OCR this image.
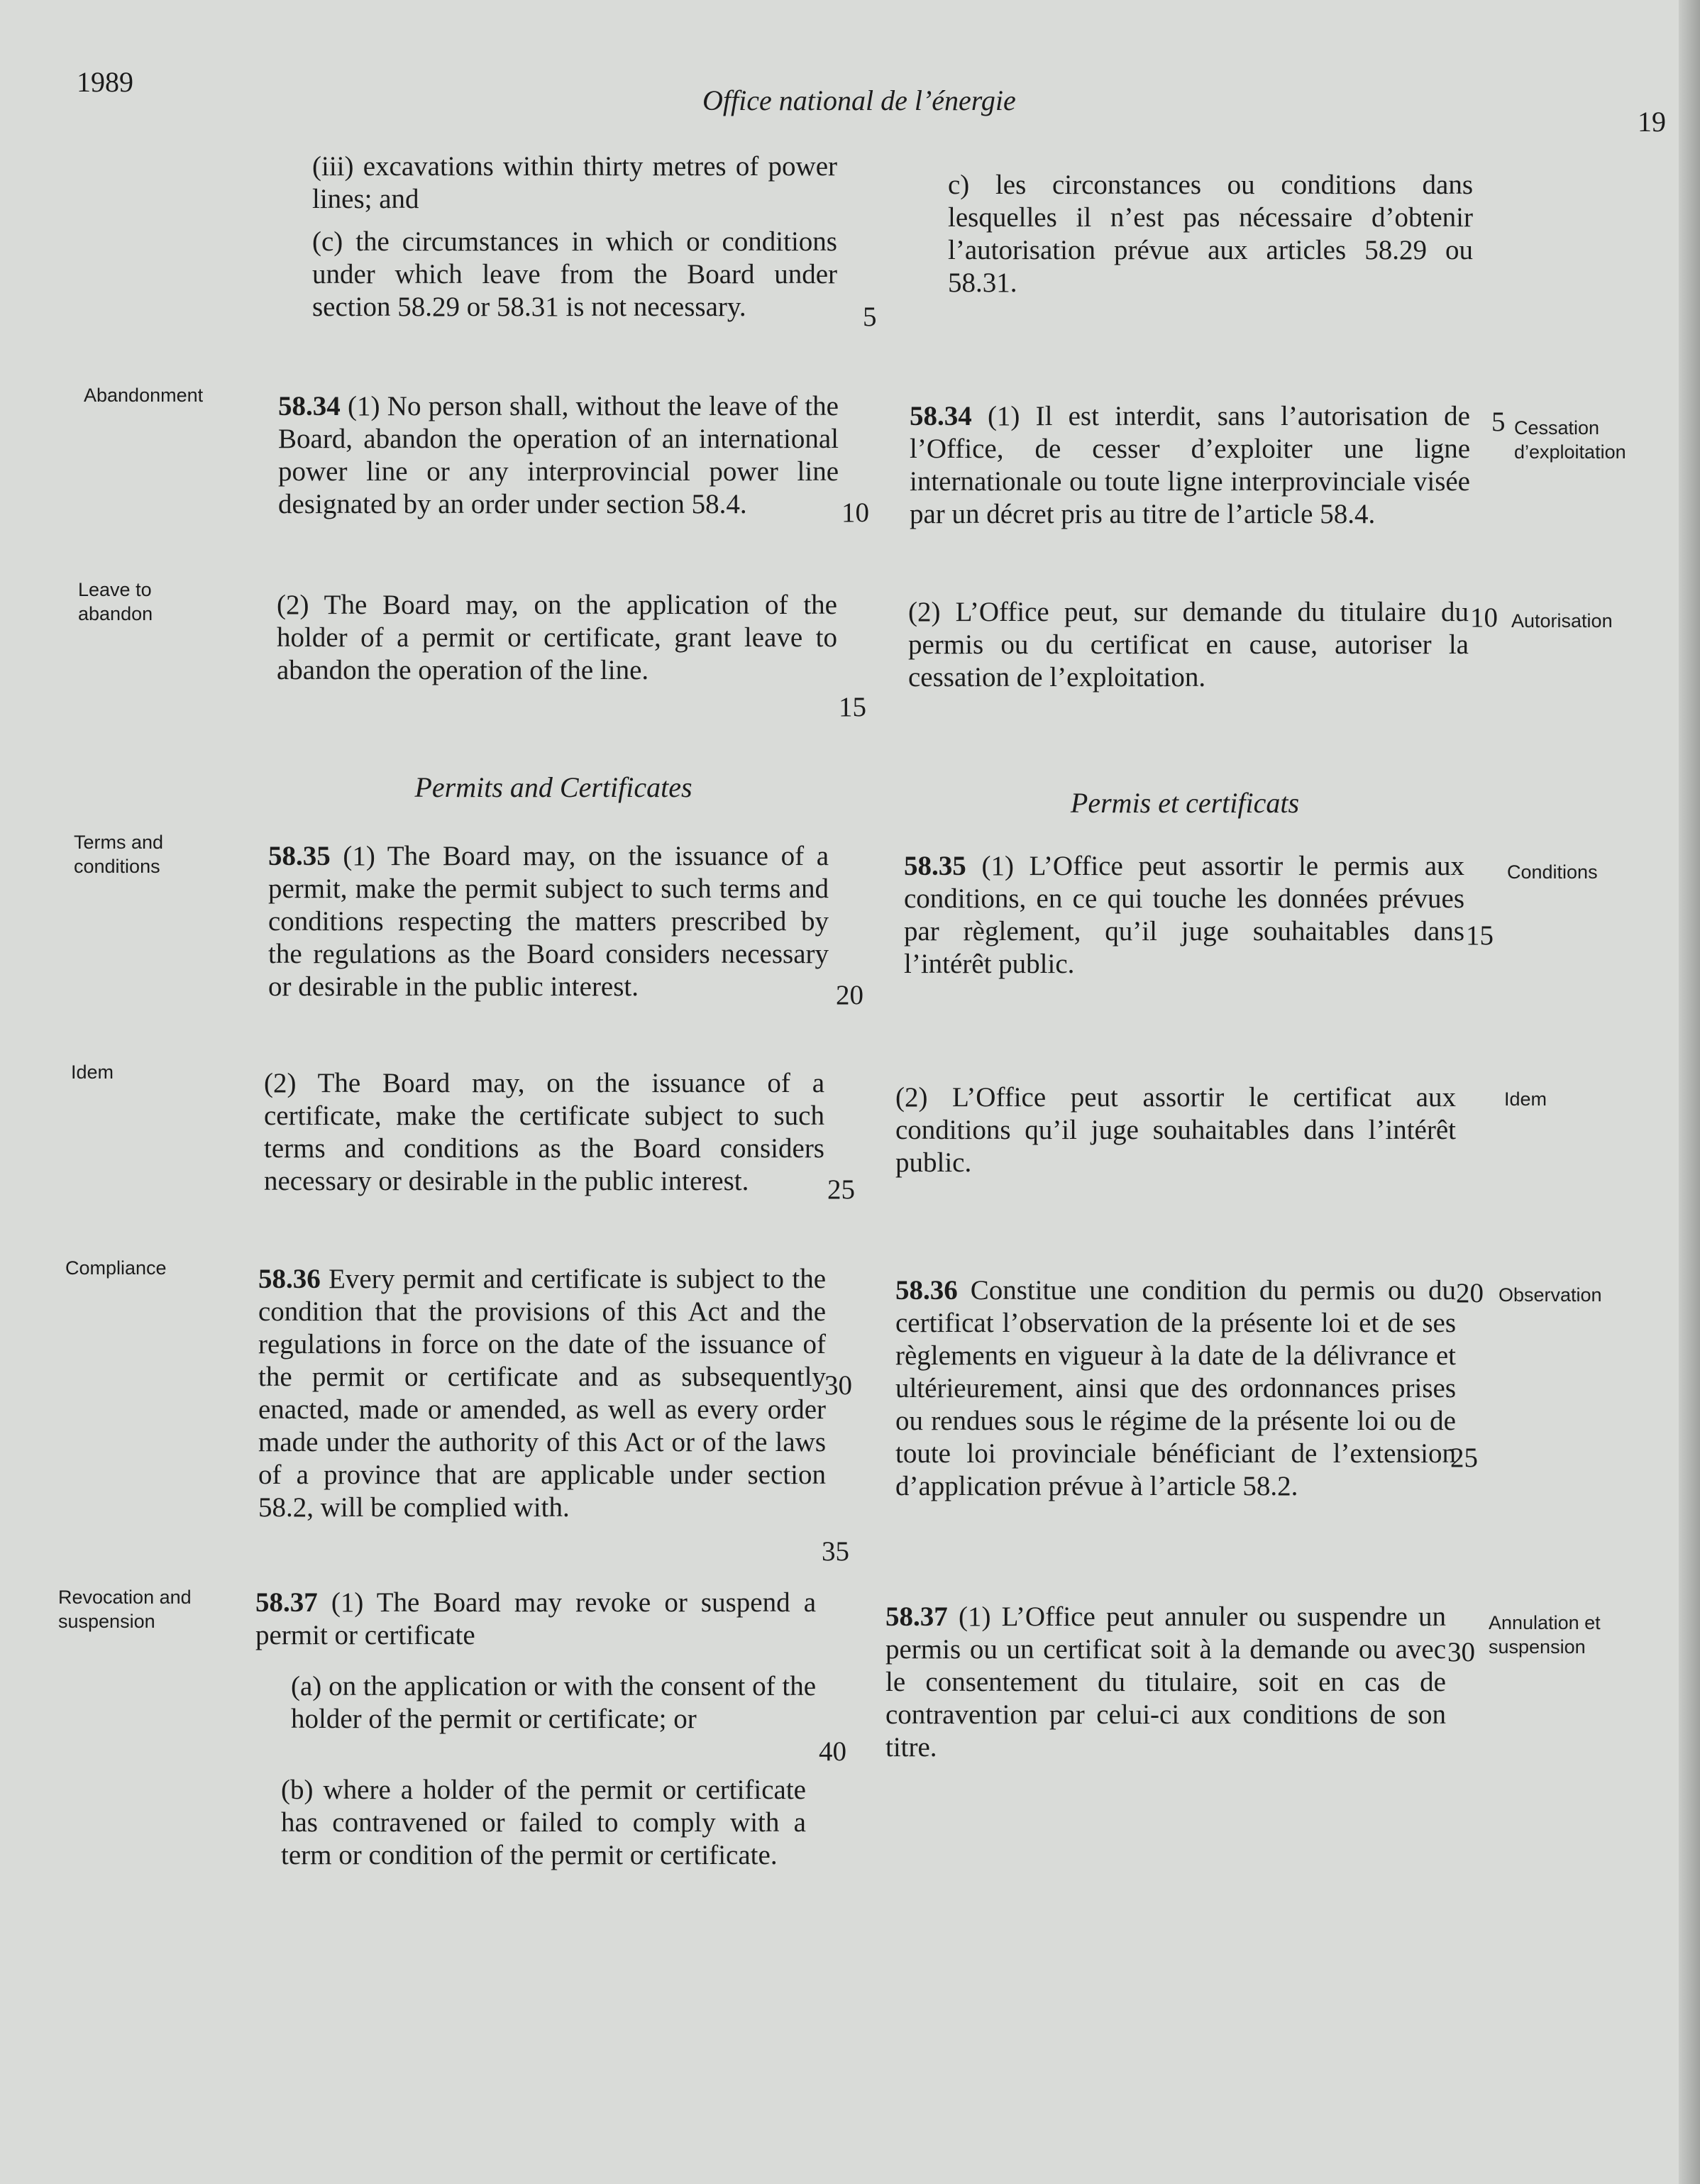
1989
Office national de l’énergie
19
Abandonment
Leave to abandon
Terms and conditions
Idem
Compliance
Revocation and suspension
Cessation d’exploitation
Autorisation
Conditions
Idem
Observation
Annulation et suspension
(iii) excavations within thirty metres of power lines; and
(c) the circumstances in which or conditions under which leave from the Board under section 58.29 or 58.31 is not necessary.
58.34 (1) No person shall, without the leave of the Board, abandon the operation of an international power line or any interprovincial power line designated by an order under section 58.4.
(2) The Board may, on the application of the holder of a permit or certificate, grant leave to abandon the operation of the line.
Permits and Certificates
58.35 (1) The Board may, on the issuance of a permit, make the permit subject to such terms and conditions respecting the matters prescribed by the regulations as the Board considers necessary or desirable in the public interest.
(2) The Board may, on the issuance of a certificate, make the certificate subject to such terms and conditions as the Board considers necessary or desirable in the public interest.
58.36 Every permit and certificate is subject to the condition that the provisions of this Act and the regulations in force on the date of the issuance of the permit or certificate and as subsequently enacted, made or amended, as well as every order made under the authority of this Act or of the laws of a province that are applicable under section 58.2, will be complied with.
58.37 (1) The Board may revoke or suspend a permit or certificate
(a) on the application or with the consent of the holder of the permit or certificate; or
(b) where a holder of the permit or certificate has contravened or failed to comply with a term or condition of the permit or certificate.
5
10
15
20
25
30
35
40
c) les circonstances ou conditions dans lesquelles il n’est pas nécessaire d’obtenir l’autorisation prévue aux articles 58.29 ou 58.31.
58.34 (1) Il est interdit, sans l’autorisation de l’Office, de cesser d’exploiter une ligne internationale ou toute ligne interprovinciale visée par un décret pris au titre de l’article 58.4.
(2) L’Office peut, sur demande du titulaire du permis ou du certificat en cause, autoriser la cessation de l’exploitation.
Permis et certificats
58.35 (1) L’Office peut assortir le permis aux conditions, en ce qui touche les données prévues par règlement, qu’il juge souhaitables dans l’intérêt public.
(2) L’Office peut assortir le certificat aux conditions qu’il juge souhaitables dans l’intérêt public.
58.36 Constitue une condition du permis ou du certificat l’observation de la présente loi et de ses règlements en vigueur à la date de la délivrance et ultérieurement, ainsi que des ordonnances prises ou rendues sous le régime de la présente loi ou de toute loi provinciale bénéficiant de l’extension d’application prévue à l’article 58.2.
58.37 (1) L’Office peut annuler ou suspendre un permis ou un certificat soit à la demande ou avec le consentement du titulaire, soit en cas de contravention par celui-ci aux conditions de son titre.
5
10
15
20
25
30
